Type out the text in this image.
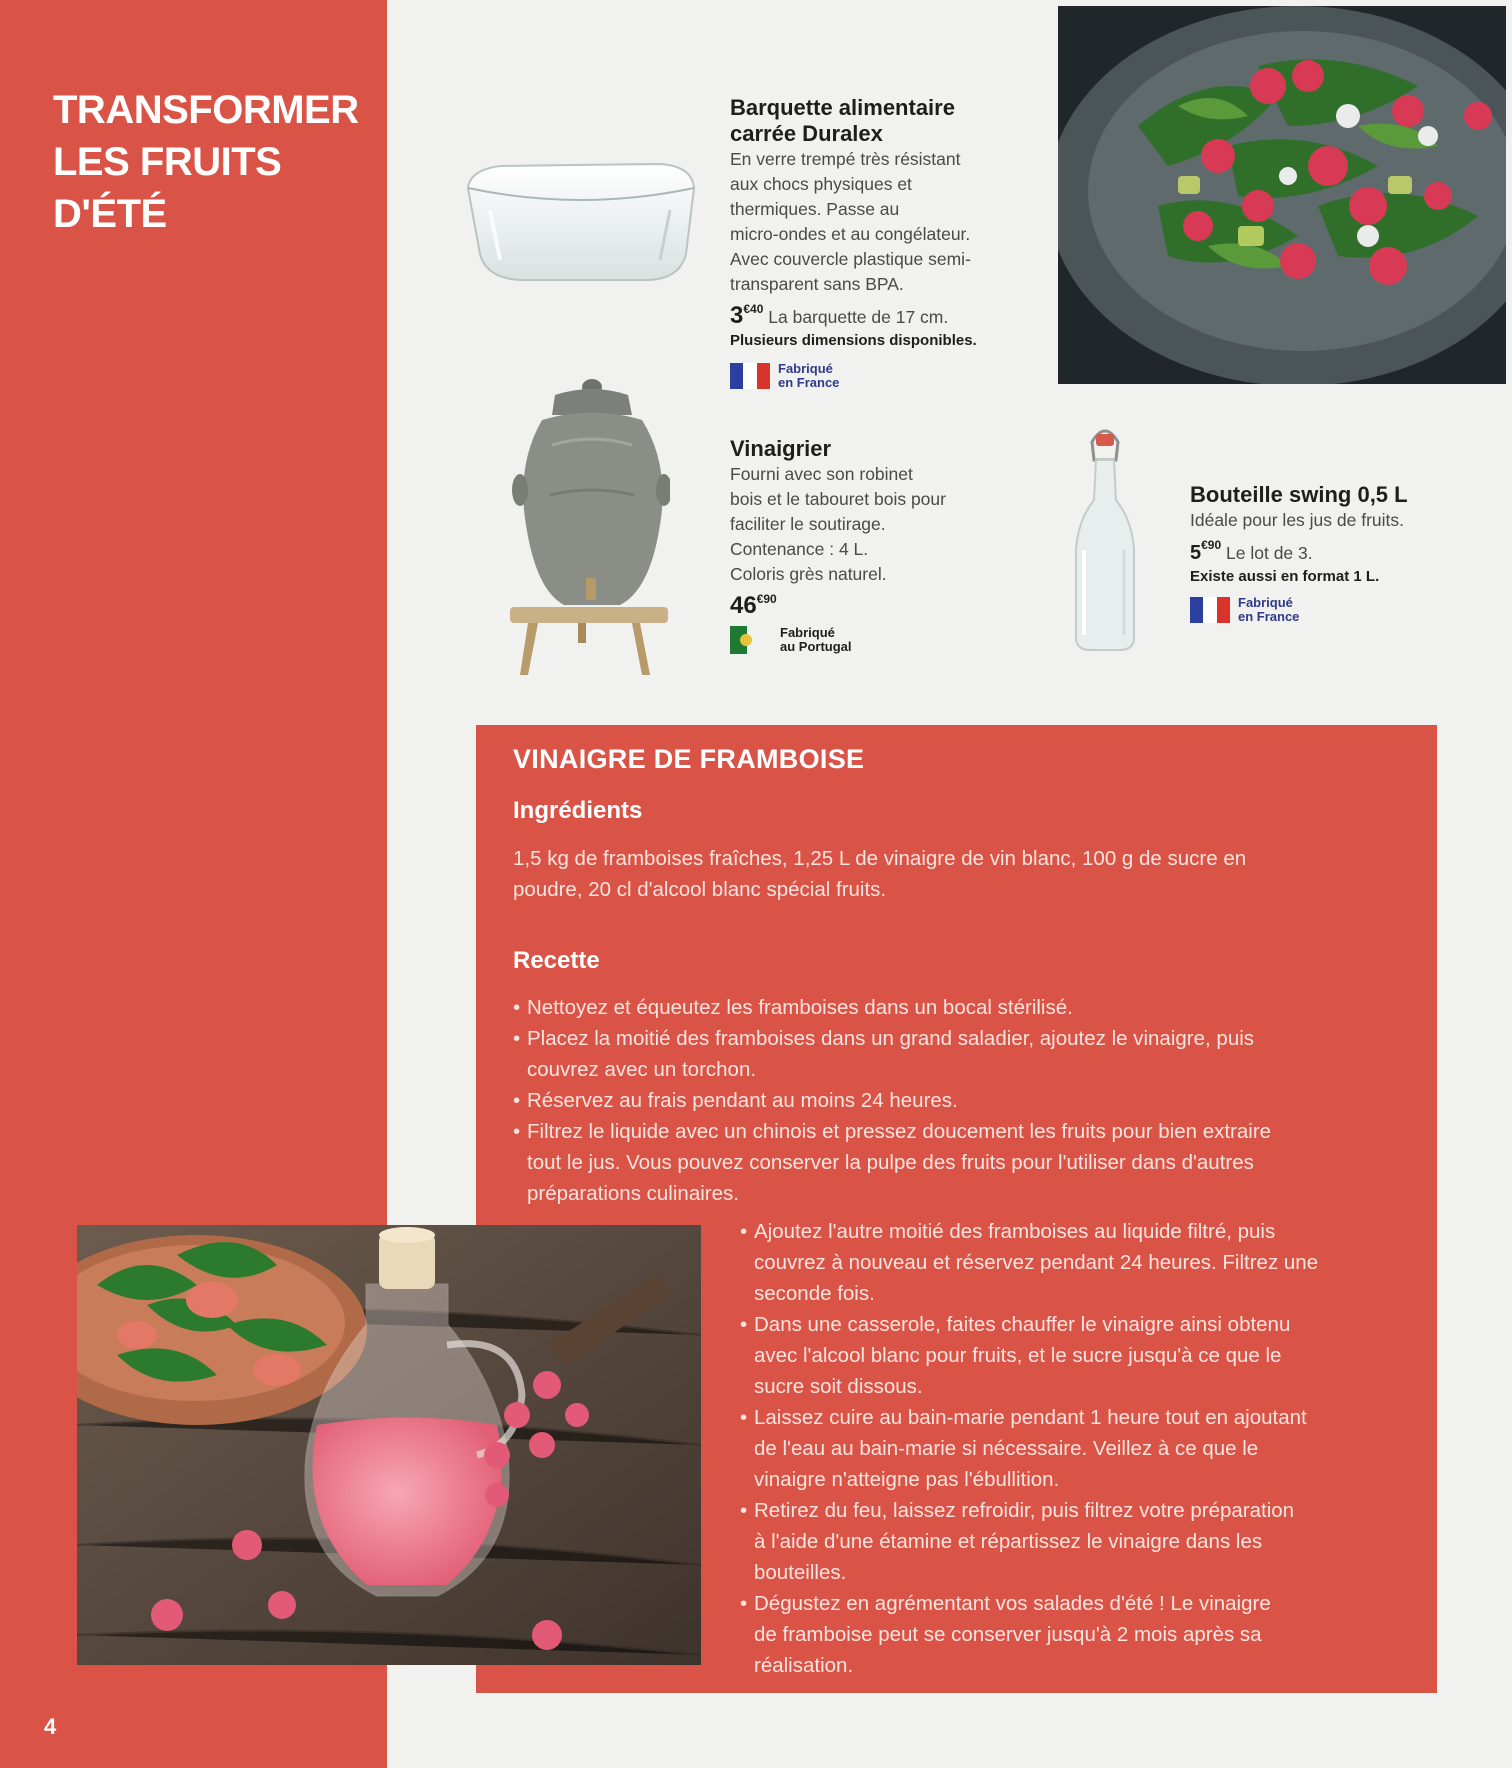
TRANSFORMER
LES FRUITS
D'ÉTÉ
4
Barquette alimentaire
carrée Duralex
En verre trempé très résistant
aux chocs physiques et
thermiques. Passe au
micro-ondes et au congélateur.
Avec couvercle plastique semi-
transparent sans BPA.
$3^{€40}$ La barquette de 17 cm.
Plusieurs dimensions disponibles.
Fabriqué
en France
Vinaigrier
Fourni avec son robinet
bois et le tabouret bois pour
faciliter le soutirage.
Contenance : 4 L.
Coloris grès naturel.
$46^{€90}$
Fabriqué
au Portugal
Bouteille swing 0,5 L
Idéale pour les jus de fruits.
$5^{€90}$ Le lot de 3.
Existe aussi en format 1 L.
Fabriqué
en France
VINAIGRE DE FRAMBOISE
Ingrédients
1,5 kg de framboises fraîches, 1,25 L de vinaigre de vin blanc, 100 g de sucre en
poudre, 20 cl d'alcool blanc spécial fruits.
Recette
• Nettoyez et équeutez les framboises dans un bocal stérilisé.
• Placez la moitié des framboises dans un grand saladier, ajoutez le vinaigre, puis
couvrez avec un torchon.
• Réservez au frais pendant au moins 24 heures.
• Filtrez le liquide avec un chinois et pressez doucement les fruits pour bien extraire
tout le jus. Vous pouvez conserver la pulpe des fruits pour l'utiliser dans d'autres
préparations culinaires.
• Ajoutez l'autre moitié des framboises au liquide filtré, puis
couvrez à nouveau et réservez pendant 24 heures. Filtrez une
seconde fois.
• Dans une casserole, faites chauffer le vinaigre ainsi obtenu
avec l'alcool blanc pour fruits, et le sucre jusqu'à ce que le
sucre soit dissous.
• Laissez cuire au bain-marie pendant 1 heure tout en ajoutant
de l'eau au bain-marie si nécessaire. Veillez à ce que le
vinaigre n'atteigne pas l'ébullition.
• Retirez du feu, laissez refroidir, puis filtrez votre préparation
à l'aide d'une étamine et répartissez le vinaigre dans les
bouteilles.
• Dégustez en agrémentant vos salades d'été ! Le vinaigre
de framboise peut se conserver jusqu'à 2 mois après sa
réalisation.
